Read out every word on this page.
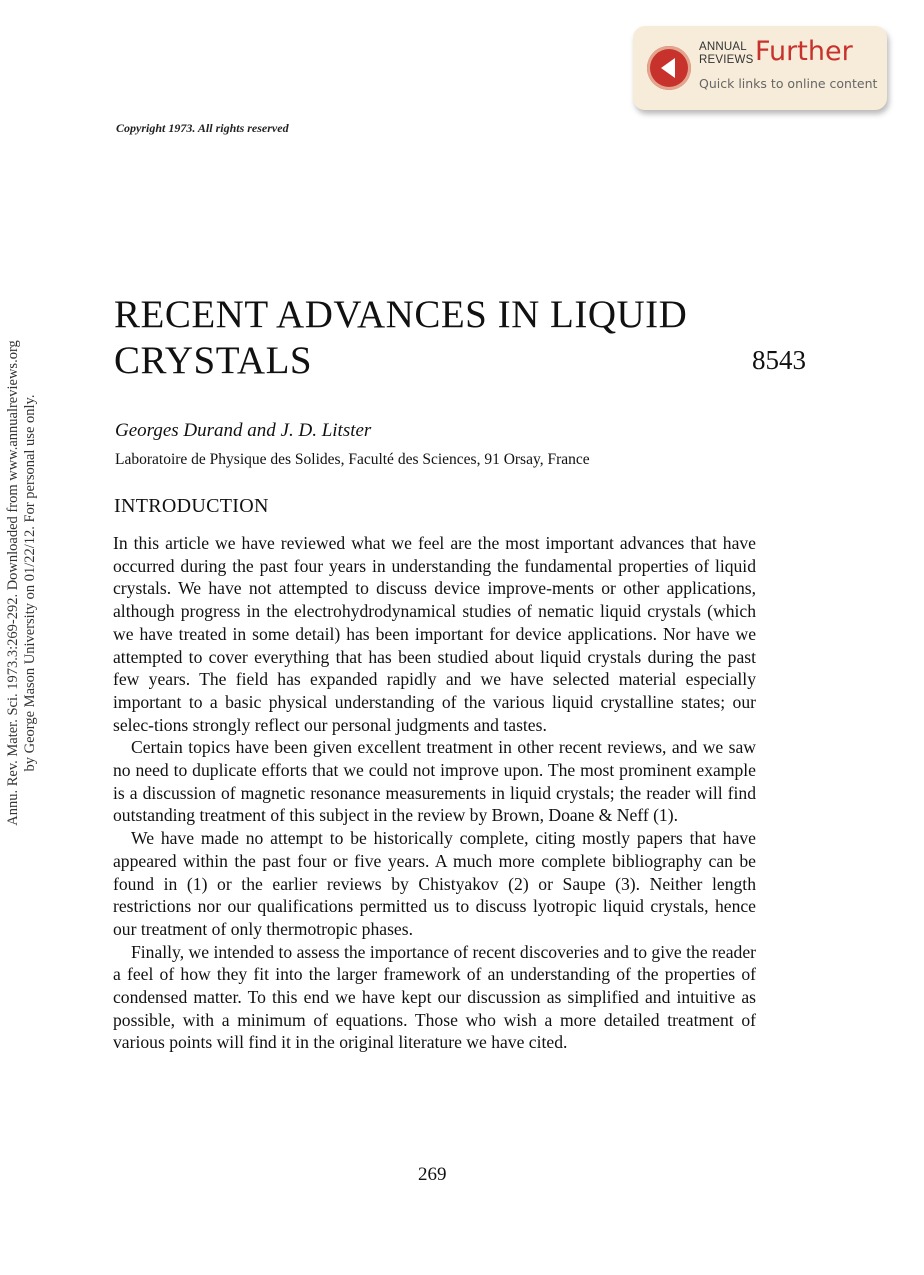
ANNUAL
REVIEWS Further
Quick links to online content
Copyright 1973. All rights reserved
RECENT ADVANCES IN LIQUID
CRYSTALS	8543
Georges Durand and J. D. Litster
Laboratoire de Physique des Solides, Faculté des Sciences, 91 Orsay, France
INTRODUCTION

In this article we have reviewed what we feel are the most important advances that have occurred during the past four years in understanding the fundamental properties of liquid crystals. We have not attempted to discuss device improve-ments or other applications, although progress in the electrohydrodynamical studies of nematic liquid crystals (which we have treated in some detail) has been important for device applications. Nor have we attempted to cover everything that has been studied about liquid crystals during the past few years. The field has expanded rapidly and we have selected material especially important to a basic physical understanding of the various liquid crystalline states; our selec-tions strongly reflect our personal judgments and tastes.

Certain topics have been given excellent treatment in other recent reviews, and we saw no need to duplicate efforts that we could not improve upon. The most prominent example is a discussion of magnetic resonance measurements in liquid crystals; the reader will find outstanding treatment of this subject in the review by Brown, Doane & Neff (1).

We have made no attempt to be historically complete, citing mostly papers that have appeared within the past four or five years. A much more complete bibliography can be found in (1) or the earlier reviews by Chistyakov (2) or Saupe (3). Neither length restrictions nor our qualifications permitted us to discuss lyotropic liquid crystals, hence our treatment of only thermotropic phases.

Finally, we intended to assess the importance of recent discoveries and to give the reader a feel of how they fit into the larger framework of an understanding of the properties of condensed matter. To this end we have kept our discussion as simplified and intuitive as possible, with a minimum of equations. Those who wish a more detailed treatment of various points will find it in the original literature we have cited.

269
Annu. Rev. Mater. Sci. 1973.3:269-292. Downloaded from www.annualreviews.org by George Mason University on 01/22/12. For personal use only.
